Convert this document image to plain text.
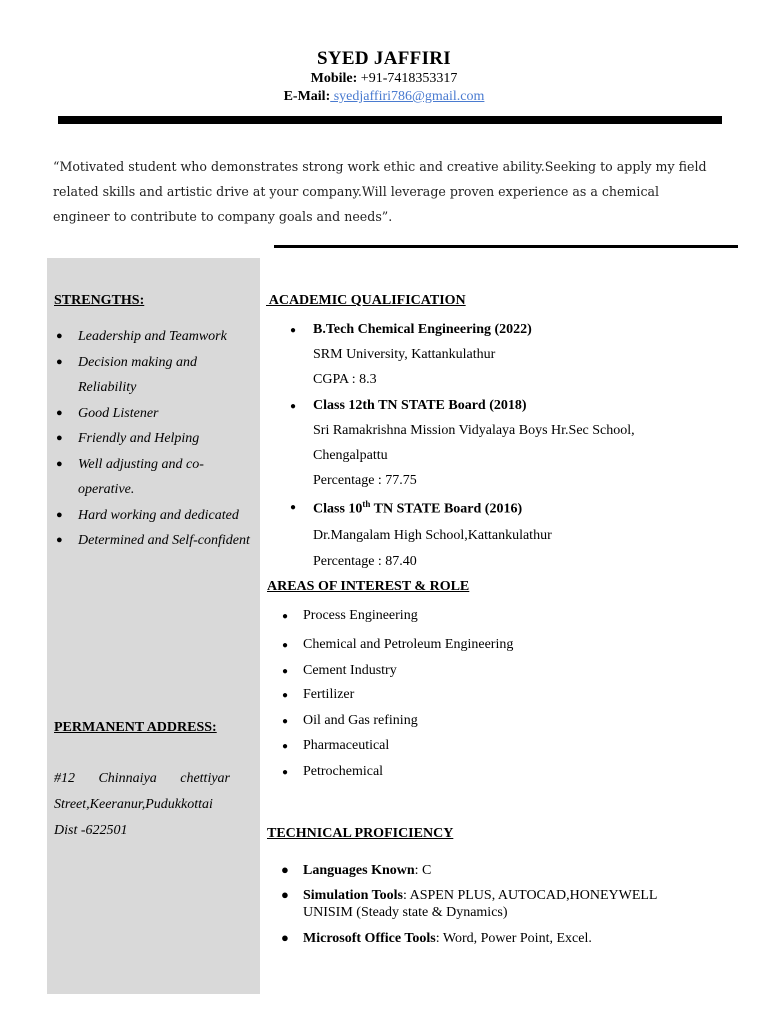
SYED JAFFIRI
Mobile: +91-7418353317
E-Mail: syedjaffiri786@gmail.com
“Motivated student who demonstrates strong work ethic and creative ability.Seeking to apply my field related skills and artistic drive at your company.Will leverage proven experience as a chemical engineer to contribute to company goals and needs”.
STRENGTHS:
● Leadership and Teamwork
● Decision making and Reliability
● Good Listener
● Friendly and Helping
● Well adjusting and co-operative.
● Hard working and dedicated
● Determined and Self-confident
PERMANENT ADDRESS:
#12 Chinnaiya chettiyar Street,Keeranur,Pudukkottai Dist -622501
ACADEMIC QUALIFICATION
● B.Tech Chemical Engineering (2022)
SRM University, Kattankulathur
CGPA : 8.3
● Class 12th TN STATE Board (2018)
Sri Ramakrishna Mission Vidyalaya Boys Hr.Sec School,
Chengalpattu
Percentage : 77.75
● Class 10th TN STATE Board (2016)
Dr.Mangalam High School,Kattankulathur
Percentage : 87.40
AREAS OF INTEREST & ROLE
● Process Engineering
● Chemical and Petroleum Engineering
● Cement Industry
● Fertilizer
● Oil and Gas refining
● Pharmaceutical
● Petrochemical
TECHNICAL PROFICIENCY
● Languages Known: C
● Simulation Tools: ASPEN PLUS, AUTOCAD,HONEYWELL
UNISIM (Steady state & Dynamics)
● Microsoft Office Tools: Word, Power Point, Excel.
